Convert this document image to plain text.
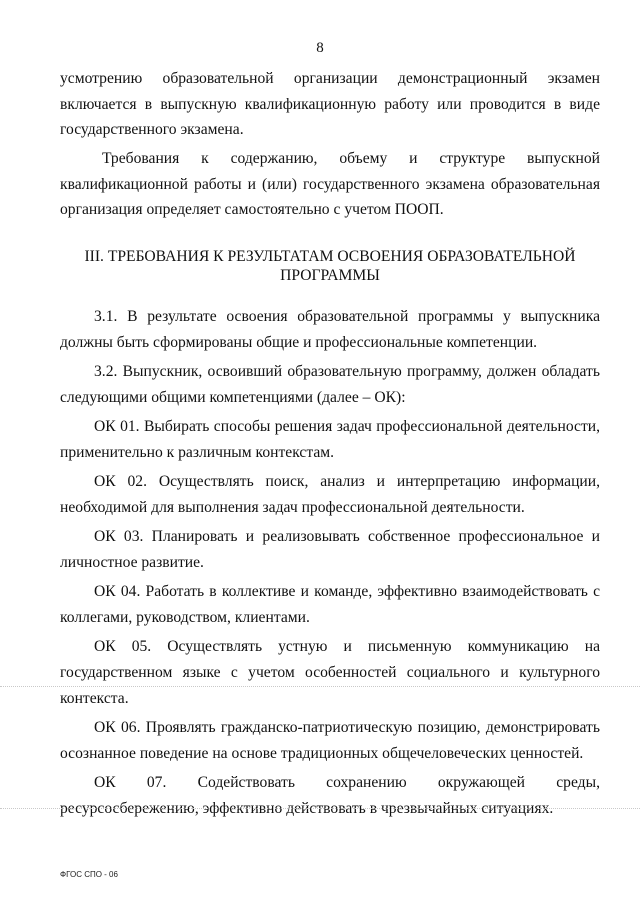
8
усмотрению образовательной организации демонстрационный экзамен включается в выпускную квалификационную работу или проводится в виде государственного экзамена.
Требования к содержанию, объему и структуре выпускной квалификационной работы и (или) государственного экзамена образовательная организация определяет самостоятельно с учетом ПООП.
III. ТРЕБОВАНИЯ К РЕЗУЛЬТАТАМ ОСВОЕНИЯ ОБРАЗОВАТЕЛЬНОЙ ПРОГРАММЫ

3.1. В результате освоения образовательной программы у выпускника должны быть сформированы общие и профессиональные компетенции.

3.2. Выпускник, освоивший образовательную программу, должен обладать следующими общими компетенциями (далее – ОК):

ОК 01. Выбирать способы решения задач профессиональной деятельности, применительно к различным контекстам.

ОК 02. Осуществлять поиск, анализ и интерпретацию информации, необходимой для выполнения задач профессиональной деятельности.

ОК 03. Планировать и реализовывать собственное профессиональное и личностное развитие.

ОК 04. Работать в коллективе и команде, эффективно взаимодействовать с коллегами, руководством, клиентами.

ОК 05. Осуществлять устную и письменную коммуникацию на государственном языке с учетом особенностей социального и культурного контекста.

ОК 06. Проявлять гражданско-патриотическую позицию, демонстрировать осознанное поведение на основе традиционных общечеловеческих ценностей.

ОК 07. Содействовать сохранению окружающей среды, ресурсосбережению, эффективно действовать в чрезвычайных ситуациях.

ФГОС СПО - 06
